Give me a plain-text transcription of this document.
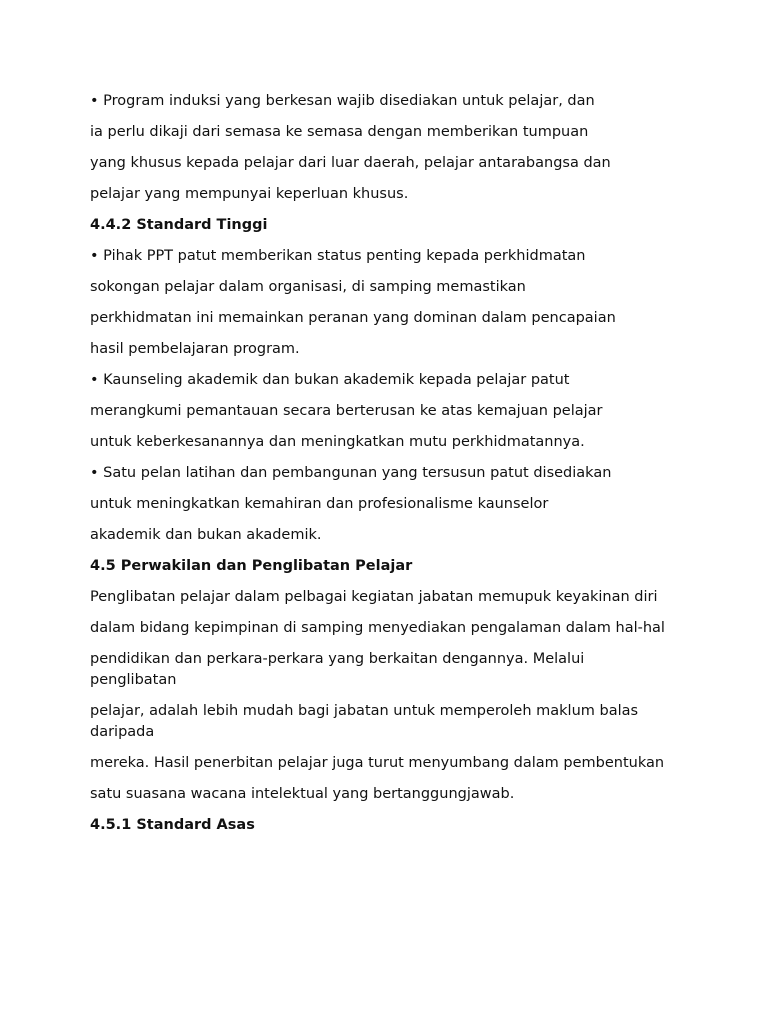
• Program induksi yang berkesan wajib disediakan untuk pelajar, dan
ia perlu dikaji dari semasa ke semasa dengan memberikan tumpuan
yang khusus kepada pelajar dari luar daerah, pelajar antarabangsa dan
pelajar yang mempunyai keperluan khusus.
4.4.2 Standard Tinggi
• Pihak PPT patut memberikan status penting kepada perkhidmatan
sokongan pelajar dalam organisasi, di samping memastikan
perkhidmatan ini memainkan peranan yang dominan dalam pencapaian
hasil pembelajaran program.
• Kaunseling akademik dan bukan akademik kepada pelajar patut
merangkumi pemantauan secara berterusan ke atas kemajuan pelajar
untuk keberkesanannya dan meningkatkan mutu perkhidmatannya.
• Satu pelan latihan dan pembangunan yang tersusun patut disediakan
untuk meningkatkan kemahiran dan profesionalisme kaunselor
akademik dan bukan akademik.
4.5 Perwakilan dan Penglibatan Pelajar
Penglibatan pelajar dalam pelbagai kegiatan jabatan memupuk keyakinan diri
dalam bidang kepimpinan di samping menyediakan pengalaman dalam hal-hal
pendidikan dan perkara-perkara yang berkaitan dengannya. Melalui penglibatan
pelajar, adalah lebih mudah bagi jabatan untuk memperoleh maklum balas daripada
mereka. Hasil penerbitan pelajar juga turut menyumbang dalam pembentukan
satu suasana wacana intelektual yang bertanggungjawab.
4.5.1 Standard Asas
